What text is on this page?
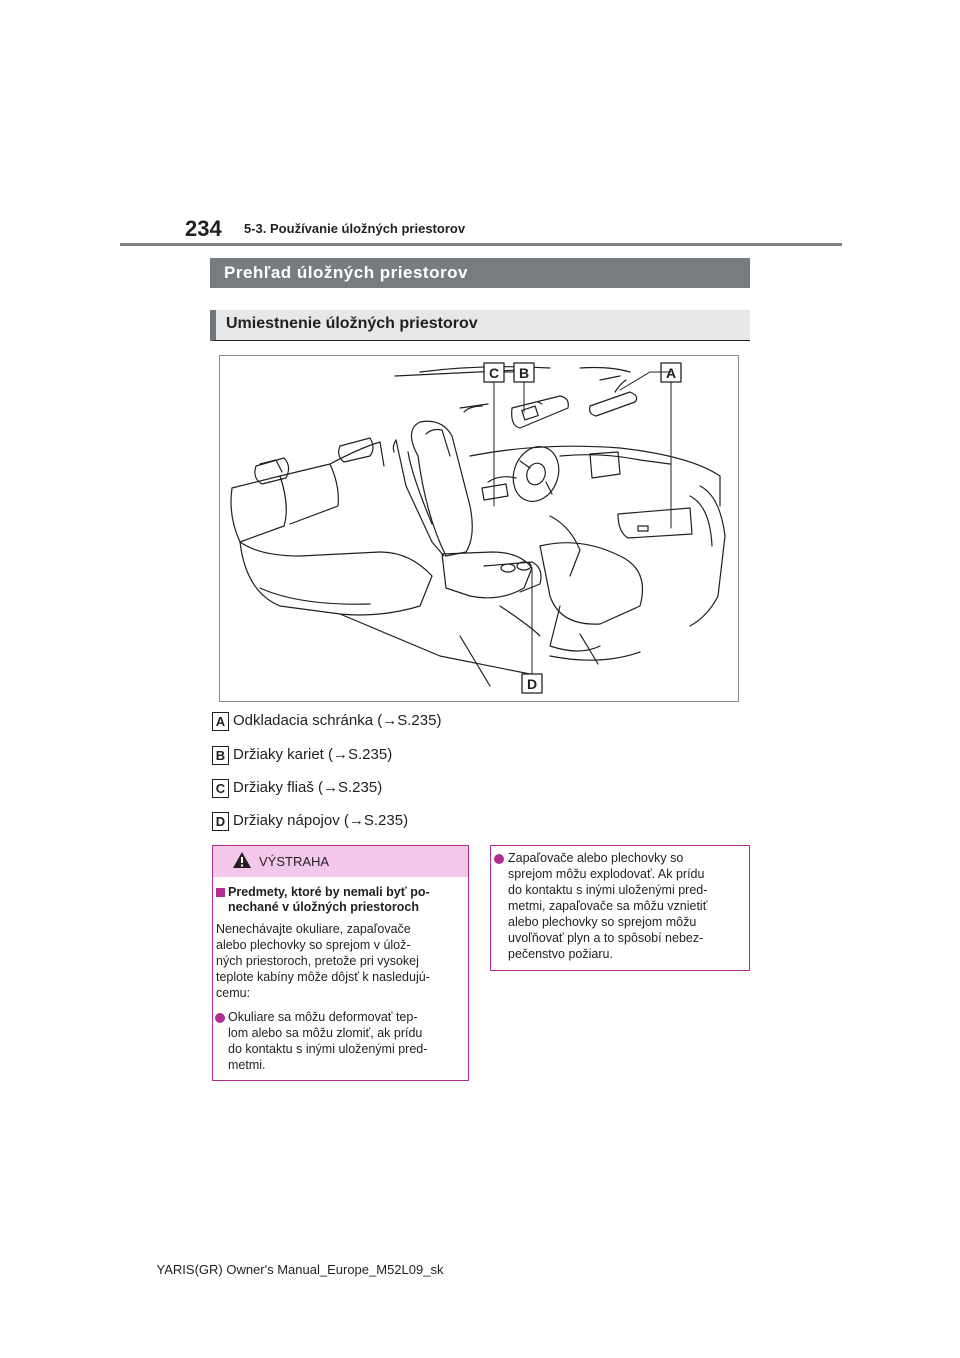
234 5-3. Používanie úložných priestorov
Prehľad úložných priestorov
Umiestnenie úložných priestorov
C B	A
D
A Odkladacia schránka (→S.235)
B Držiaky kariet (→S.235)
C Držiaky fliaš (→S.235)
D Držiaky nápojov (→S.235)
VÝSTRAHA
Predmety, ktoré by nemali byť po-
nechané v úložných priestoroch
Nenechávajte okuliare, zapaľovače
alebo plechovky so sprejom v úlož-
ných priestoroch, pretože pri vysokej
teplote kabíny môže dôjsť k nasledujú-
cemu:
Okuliare sa môžu deformovať tep-
lom alebo sa môžu zlomiť, ak prídu
do kontaktu s inými uloženými pred-
metmi.
Zapaľovače alebo plechovky so
sprejom môžu explodovať. Ak prídu
do kontaktu s inými uloženými pred-
metmi, zapaľovače sa môžu vznietiť
alebo plechovky so sprejom môžu
uvoľňovať plyn a to spôsobí nebez-
pečenstvo požiaru.
YARIS(GR) Owner's Manual_Europe_M52L09_sk
